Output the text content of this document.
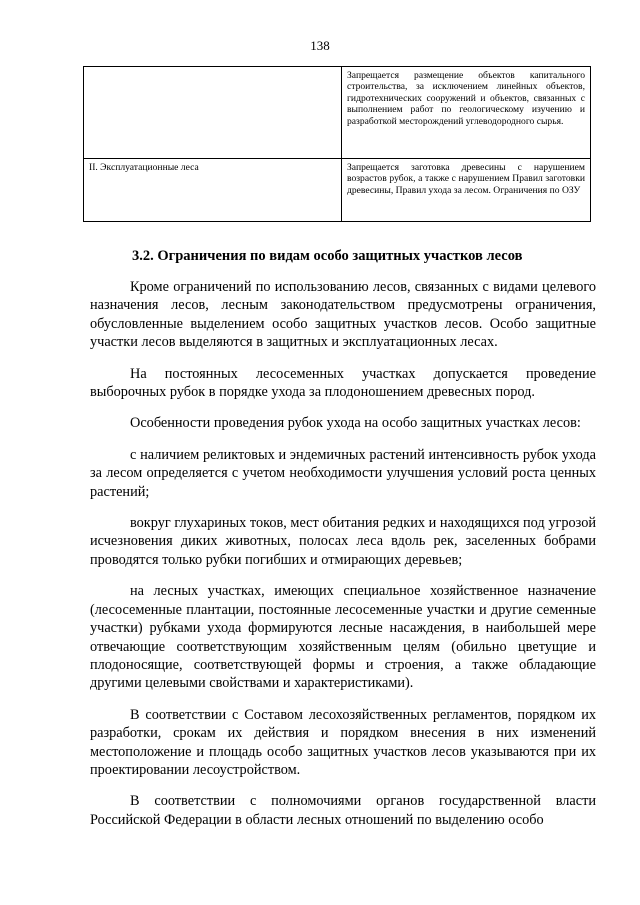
138
	Запрещается размещение объектов капитального строительства, за исключением линейных объектов, гидротехнических сооружений и объектов, связанных с выполнением работ по геологическому изучению и разработкой месторождений углеводородного сырья.
II. Эксплуатационные леса	Запрещается заготовка древесины с нарушением возрастов рубок, а также с нарушением Правил заготовки древесины, Правил ухода за лесом. Ограничения по ОЗУ
3.2. Ограничения по видам особо защитных участков лесов

Кроме ограничений по использованию лесов, связанных с видами целевого назначения лесов, лесным законодательством предусмотрены ограничения, обусловленные выделением особо защитных участков лесов. Особо защитные участки лесов выделяются в защитных и эксплуатационных лесах.

На постоянных лесосеменных участках допускается проведение выборочных рубок в порядке ухода за плодоношением древесных пород.

Особенности проведения рубок ухода на особо защитных участках лесов:

с наличием реликтовых и эндемичных растений интенсивность рубок ухода за лесом определяется с учетом необходимости улучшения условий роста ценных растений;

вокруг глухариных токов, мест обитания редких и находящихся под угрозой исчезновения диких животных, полосах леса вдоль рек, заселенных бобрами проводятся только рубки погибших и отмирающих деревьев;

на лесных участках, имеющих специальное хозяйственное назначение (лесосеменные плантации, постоянные лесосеменные участки и другие семенные участки) рубками ухода формируются лесные насаждения, в наибольшей мере отвечающие соответствующим хозяйственным целям (обильно цветущие и плодоносящие, соответствующей формы и строения, а также обладающие другими целевыми свойствами и характеристиками).

В соответствии с Составом лесохозяйственных регламентов, порядком их разработки, срокам их действия и порядком внесения в них изменений местоположение и площадь особо защитных участков лесов указываются при их проектировании лесоустройством.

В соответствии с полномочиями органов государственной власти Российской Федерации в области лесных отношений по выделению особо
